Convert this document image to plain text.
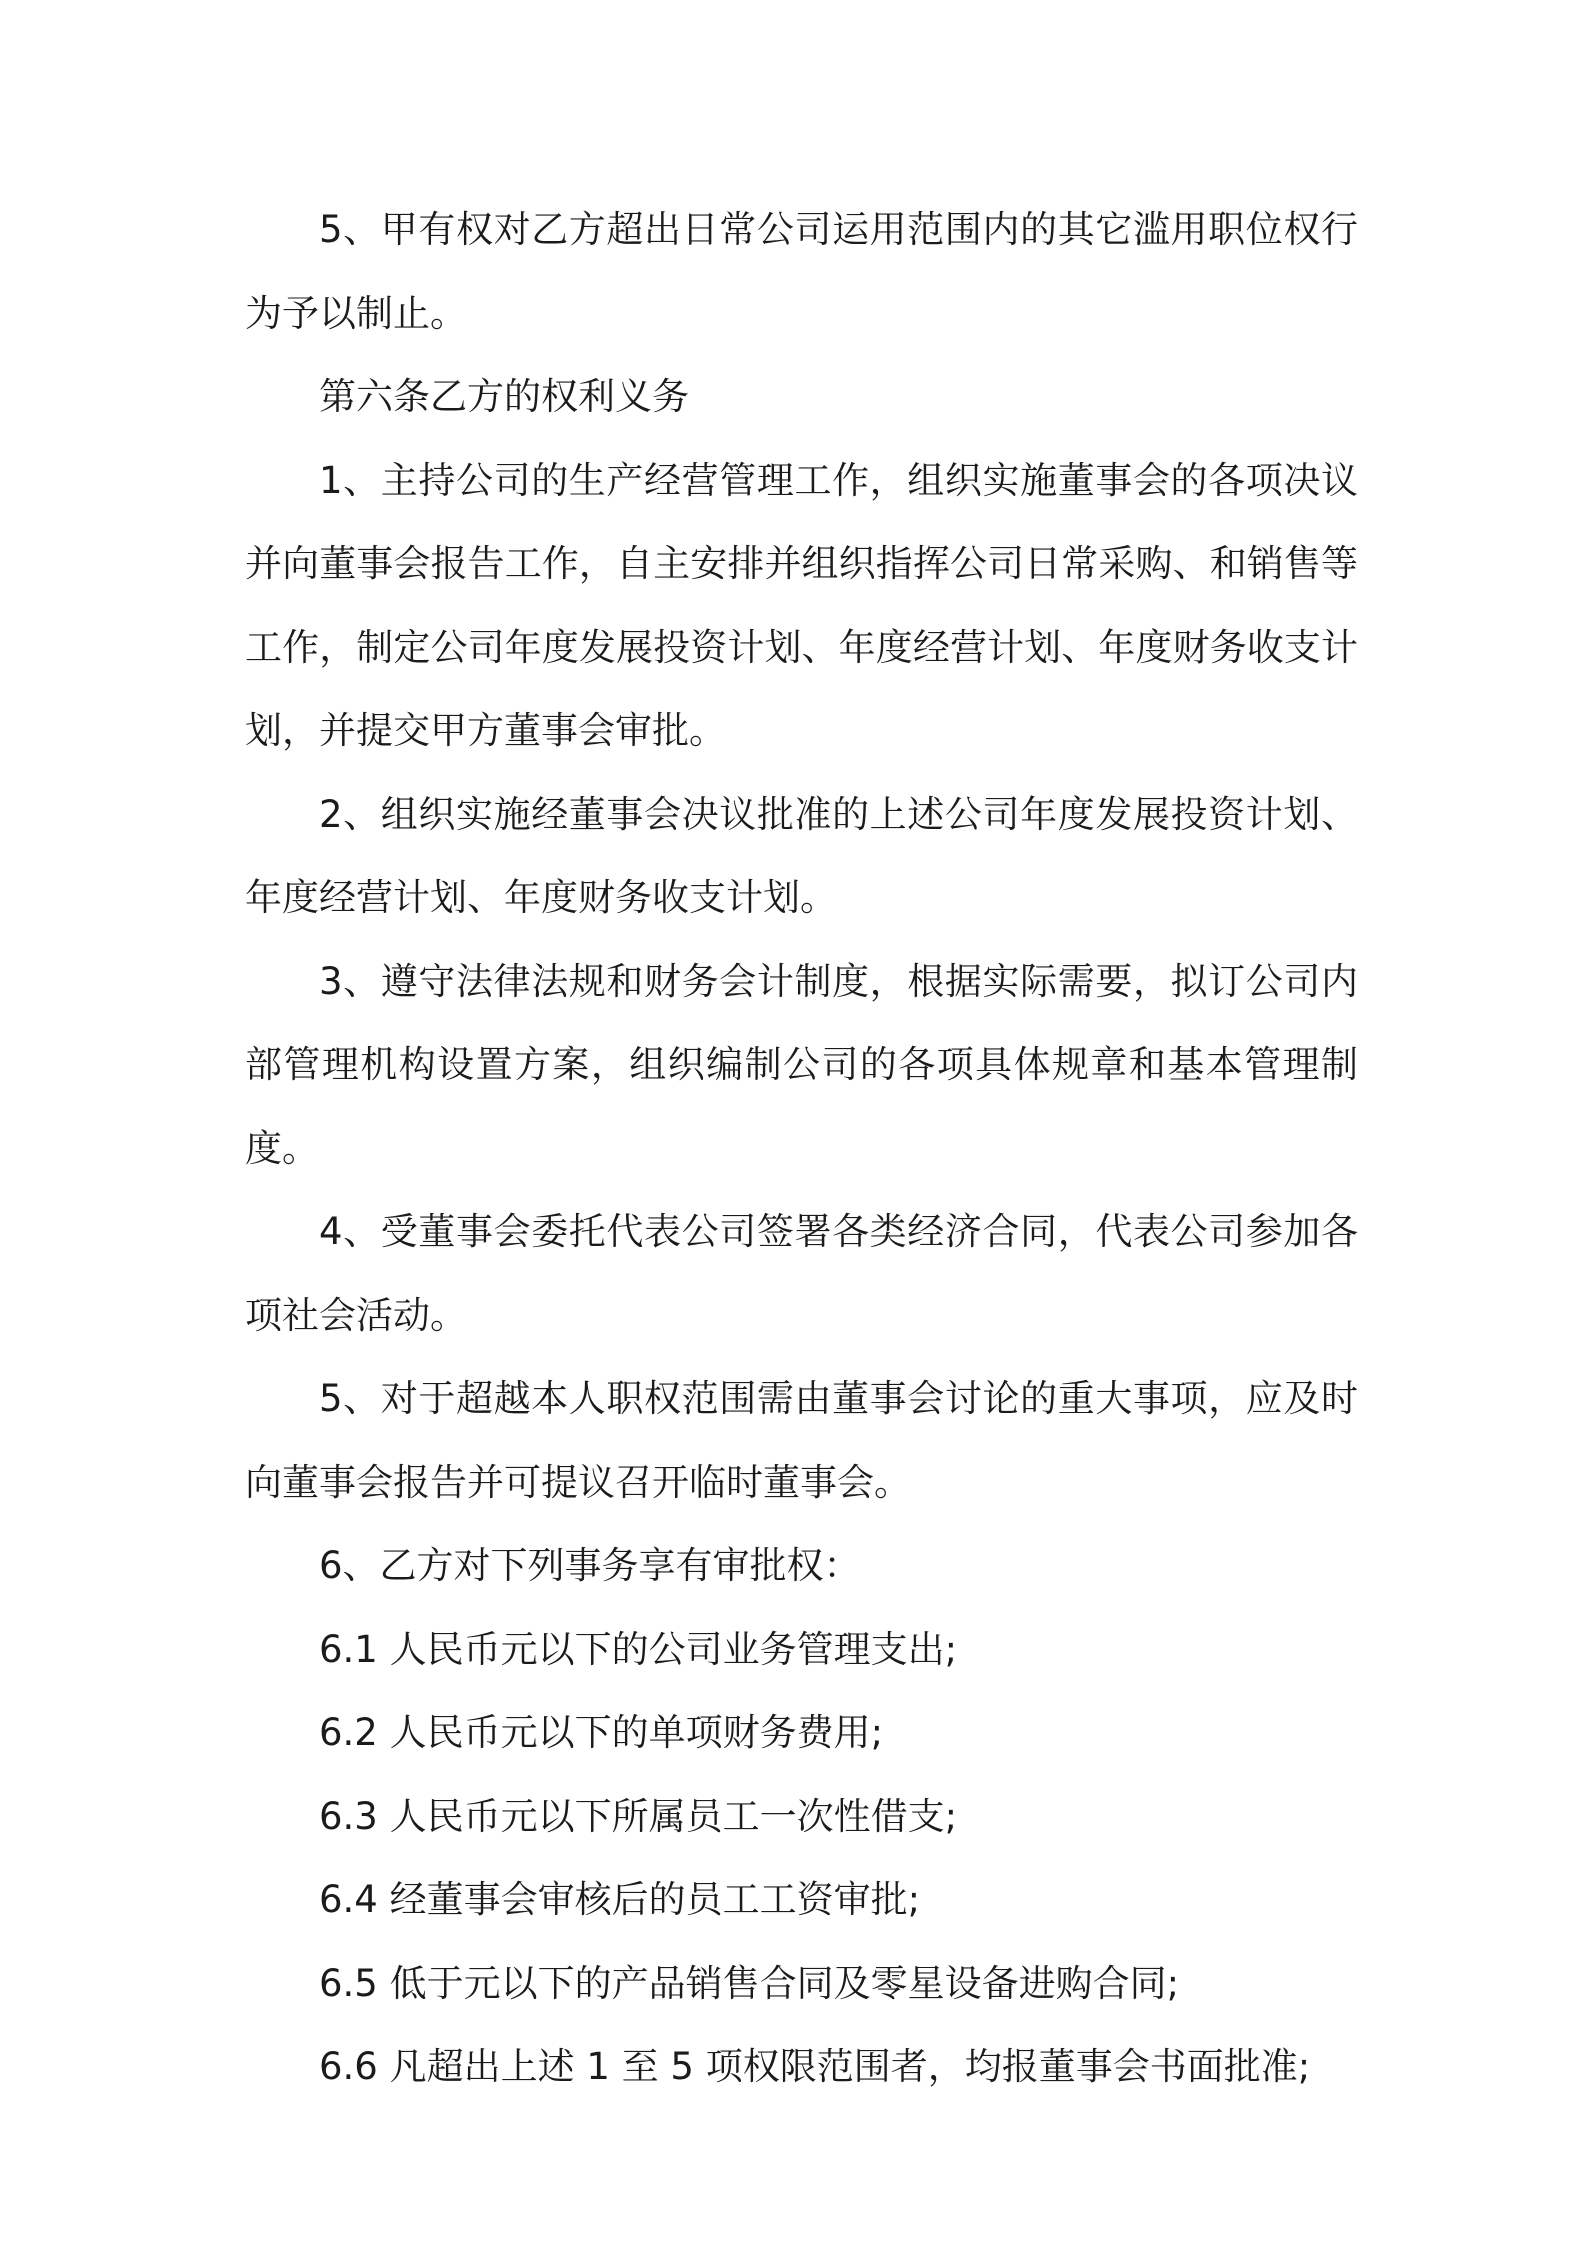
5、甲有权对乙方超出日常公司运用范围内的其它滥用职位权行为予以制止。

第六条乙方的权利义务

1、主持公司的生产经营管理工作，组织实施董事会的各项决议并向董事会报告工作，自主安排并组织指挥公司日常采购、和销售等工作，制定公司年度发展投资计划、年度经营计划、年度财务收支计划，并提交甲方董事会审批。

2、组织实施经董事会决议批准的上述公司年度发展投资计划、年度经营计划、年度财务收支计划。

3、遵守法律法规和财务会计制度，根据实际需要，拟订公司内部管理机构设置方案，组织编制公司的各项具体规章和基本管理制度。

4、受董事会委托代表公司签署各类经济合同，代表公司参加各项社会活动。

5、对于超越本人职权范围需由董事会讨论的重大事项，应及时向董事会报告并可提议召开临时董事会。

6、乙方对下列事务享有审批权：

6.1 人民币元以下的公司业务管理支出;

6.2 人民币元以下的单项财务费用;

6.3 人民币元以下所属员工一次性借支;

6.4 经董事会审核后的员工工资审批;

6.5 低于元以下的产品销售合同及零星设备进购合同;

6.6 凡超出上述 1 至 5 项权限范围者，均报董事会书面批准;
